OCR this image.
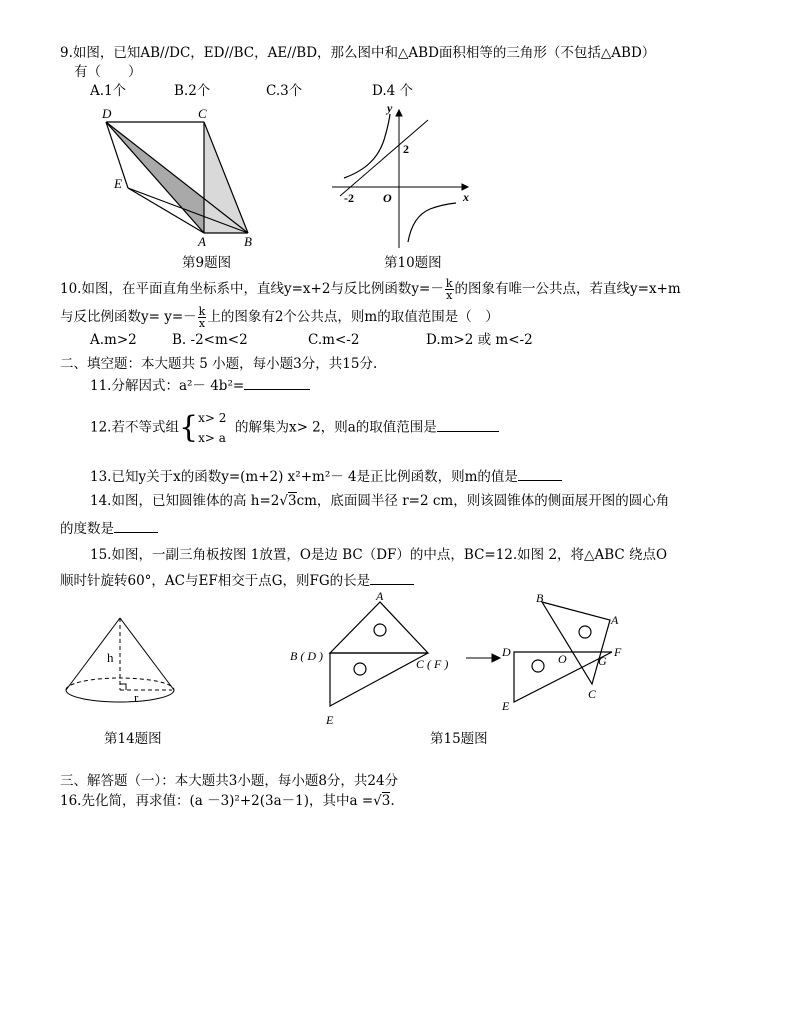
9.如图，已知AB//DC，ED//BC，AE//BD，那么图中和△ABD面积相等的三角形（不包括△ABD）
有（　　）
A.1个	B.2个	C.3个	D.4 个
D	C
E
A	B
第9题图
y
2
-2 O	x
第10题图
10.如图，在平面直角坐标系中，直线y=x+2与反比例函数$y=- \frac{k}{x}$ 的图象有唯一公共点，若直线y=x+m
与反比例函数$y= y=- \frac{k}{x}$ 上的图象有2个公共点，则m的取值范围是（　）
A.m>2	B. -2<m<2	C.m<-2	D.m>2 或 m<-2
二、填空题：本大题共 5 小题，每小题3分，共15分.
11.分解因式：a²－ 4b²=
12.若不等式组{ x> 2
x> a
的解集为x> 2，则a的取值范围是
13.已知y关于x的函数y=(m+2) x²+m²－ 4是正比例函数，则m的值是
14.如图，已知圆锥体的高 h=2√3cm，底面圆半径 r=2 cm，则该圆锥体的侧面展开图的圆心角
的度数是
15.如图，一副三角板按图 1放置，O是边 BC（DF）的中点，BC=12.如图 2，将△ABC 绕点O
顺时针旋转60°，AC与EF相交于点G，则FG的长是
h
r
第14题图
A
B ( D )
C ( F )
E
B
A
D	O	G
F
E
C
第15题图
三、解答题（一）：本大题共3小题，每小题8分，共24分
16.先化简，再求值：(a －3)²+2(3a－1)，其中a =√3.
